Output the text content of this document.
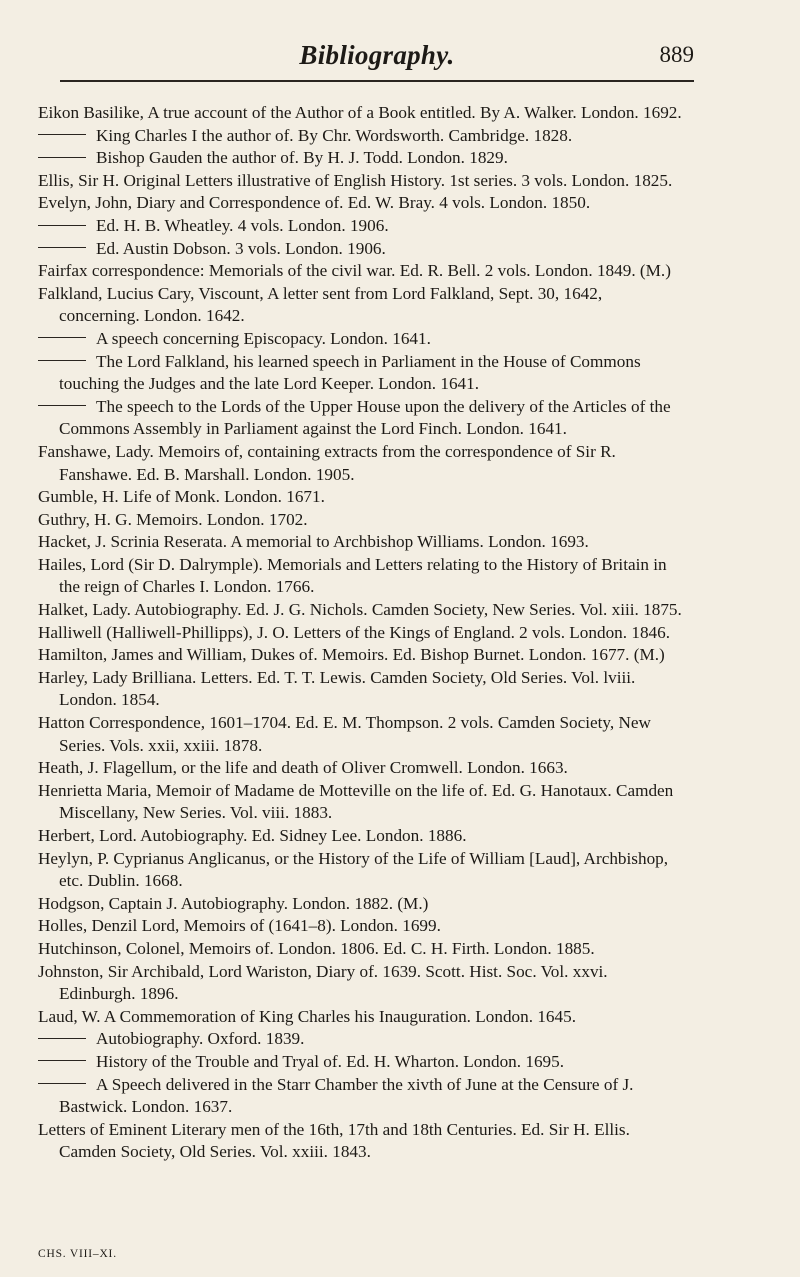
Bibliography.	889
Eikon Basilike, A true account of the Author of a Book entitled. By A. Walker. London. 1692.
King Charles I the author of. By Chr. Wordsworth. Cambridge. 1828.
Bishop Gauden the author of. By H. J. Todd. London. 1829.
Ellis, Sir H. Original Letters illustrative of English History. 1st series. 3 vols. London. 1825.
Evelyn, John, Diary and Correspondence of. Ed. W. Bray. 4 vols. London. 1850.
Ed. H. B. Wheatley. 4 vols. London. 1906.
Ed. Austin Dobson. 3 vols. London. 1906.
Fairfax correspondence: Memorials of the civil war. Ed. R. Bell. 2 vols. London. 1849. (M.)
Falkland, Lucius Cary, Viscount, A letter sent from Lord Falkland, Sept. 30, 1642, concerning. London. 1642.
A speech concerning Episcopacy. London. 1641.
The Lord Falkland, his learned speech in Parliament in the House of Commons touching the Judges and the late Lord Keeper. London. 1641.
The speech to the Lords of the Upper House upon the delivery of the Articles of the Commons Assembly in Parliament against the Lord Finch. London. 1641.
Fanshawe, Lady. Memoirs of, containing extracts from the correspondence of Sir R. Fanshawe. Ed. B. Marshall. London. 1905.
Gumble, H. Life of Monk. London. 1671.
Guthry, H. G. Memoirs. London. 1702.
Hacket, J. Scrinia Reserata. A memorial to Archbishop Williams. London. 1693.
Hailes, Lord (Sir D. Dalrymple). Memorials and Letters relating to the History of Britain in the reign of Charles I. London. 1766.
Halket, Lady. Autobiography. Ed. J. G. Nichols. Camden Society, New Series. Vol. xiii. 1875.
Halliwell (Halliwell-Phillipps), J. O. Letters of the Kings of England. 2 vols. London. 1846.
Hamilton, James and William, Dukes of. Memoirs. Ed. Bishop Burnet. London. 1677. (M.)
Harley, Lady Brilliana. Letters. Ed. T. T. Lewis. Camden Society, Old Series. Vol. lviii. London. 1854.
Hatton Correspondence, 1601–1704. Ed. E. M. Thompson. 2 vols. Camden Society, New Series. Vols. xxii, xxiii. 1878.
Heath, J. Flagellum, or the life and death of Oliver Cromwell. London. 1663.
Henrietta Maria, Memoir of Madame de Motteville on the life of. Ed. G. Hanotaux. Camden Miscellany, New Series. Vol. viii. 1883.
Herbert, Lord. Autobiography. Ed. Sidney Lee. London. 1886.
Heylyn, P. Cyprianus Anglicanus, or the History of the Life of William [Laud], Archbishop, etc. Dublin. 1668.
Hodgson, Captain J. Autobiography. London. 1882. (M.)
Holles, Denzil Lord, Memoirs of (1641–8). London. 1699.
Hutchinson, Colonel, Memoirs of. London. 1806. Ed. C. H. Firth. London. 1885.
Johnston, Sir Archibald, Lord Wariston, Diary of. 1639. Scott. Hist. Soc. Vol. xxvi. Edinburgh. 1896.
Laud, W. A Commemoration of King Charles his Inauguration. London. 1645.
Autobiography. Oxford. 1839.
History of the Trouble and Tryal of. Ed. H. Wharton. London. 1695.
A Speech delivered in the Starr Chamber the xivth of June at the Censure of J. Bastwick. London. 1637.
Letters of Eminent Literary men of the 16th, 17th and 18th Centuries. Ed. Sir H. Ellis. Camden Society, Old Series. Vol. xxiii. 1843.
CHS. VIII–XI.
